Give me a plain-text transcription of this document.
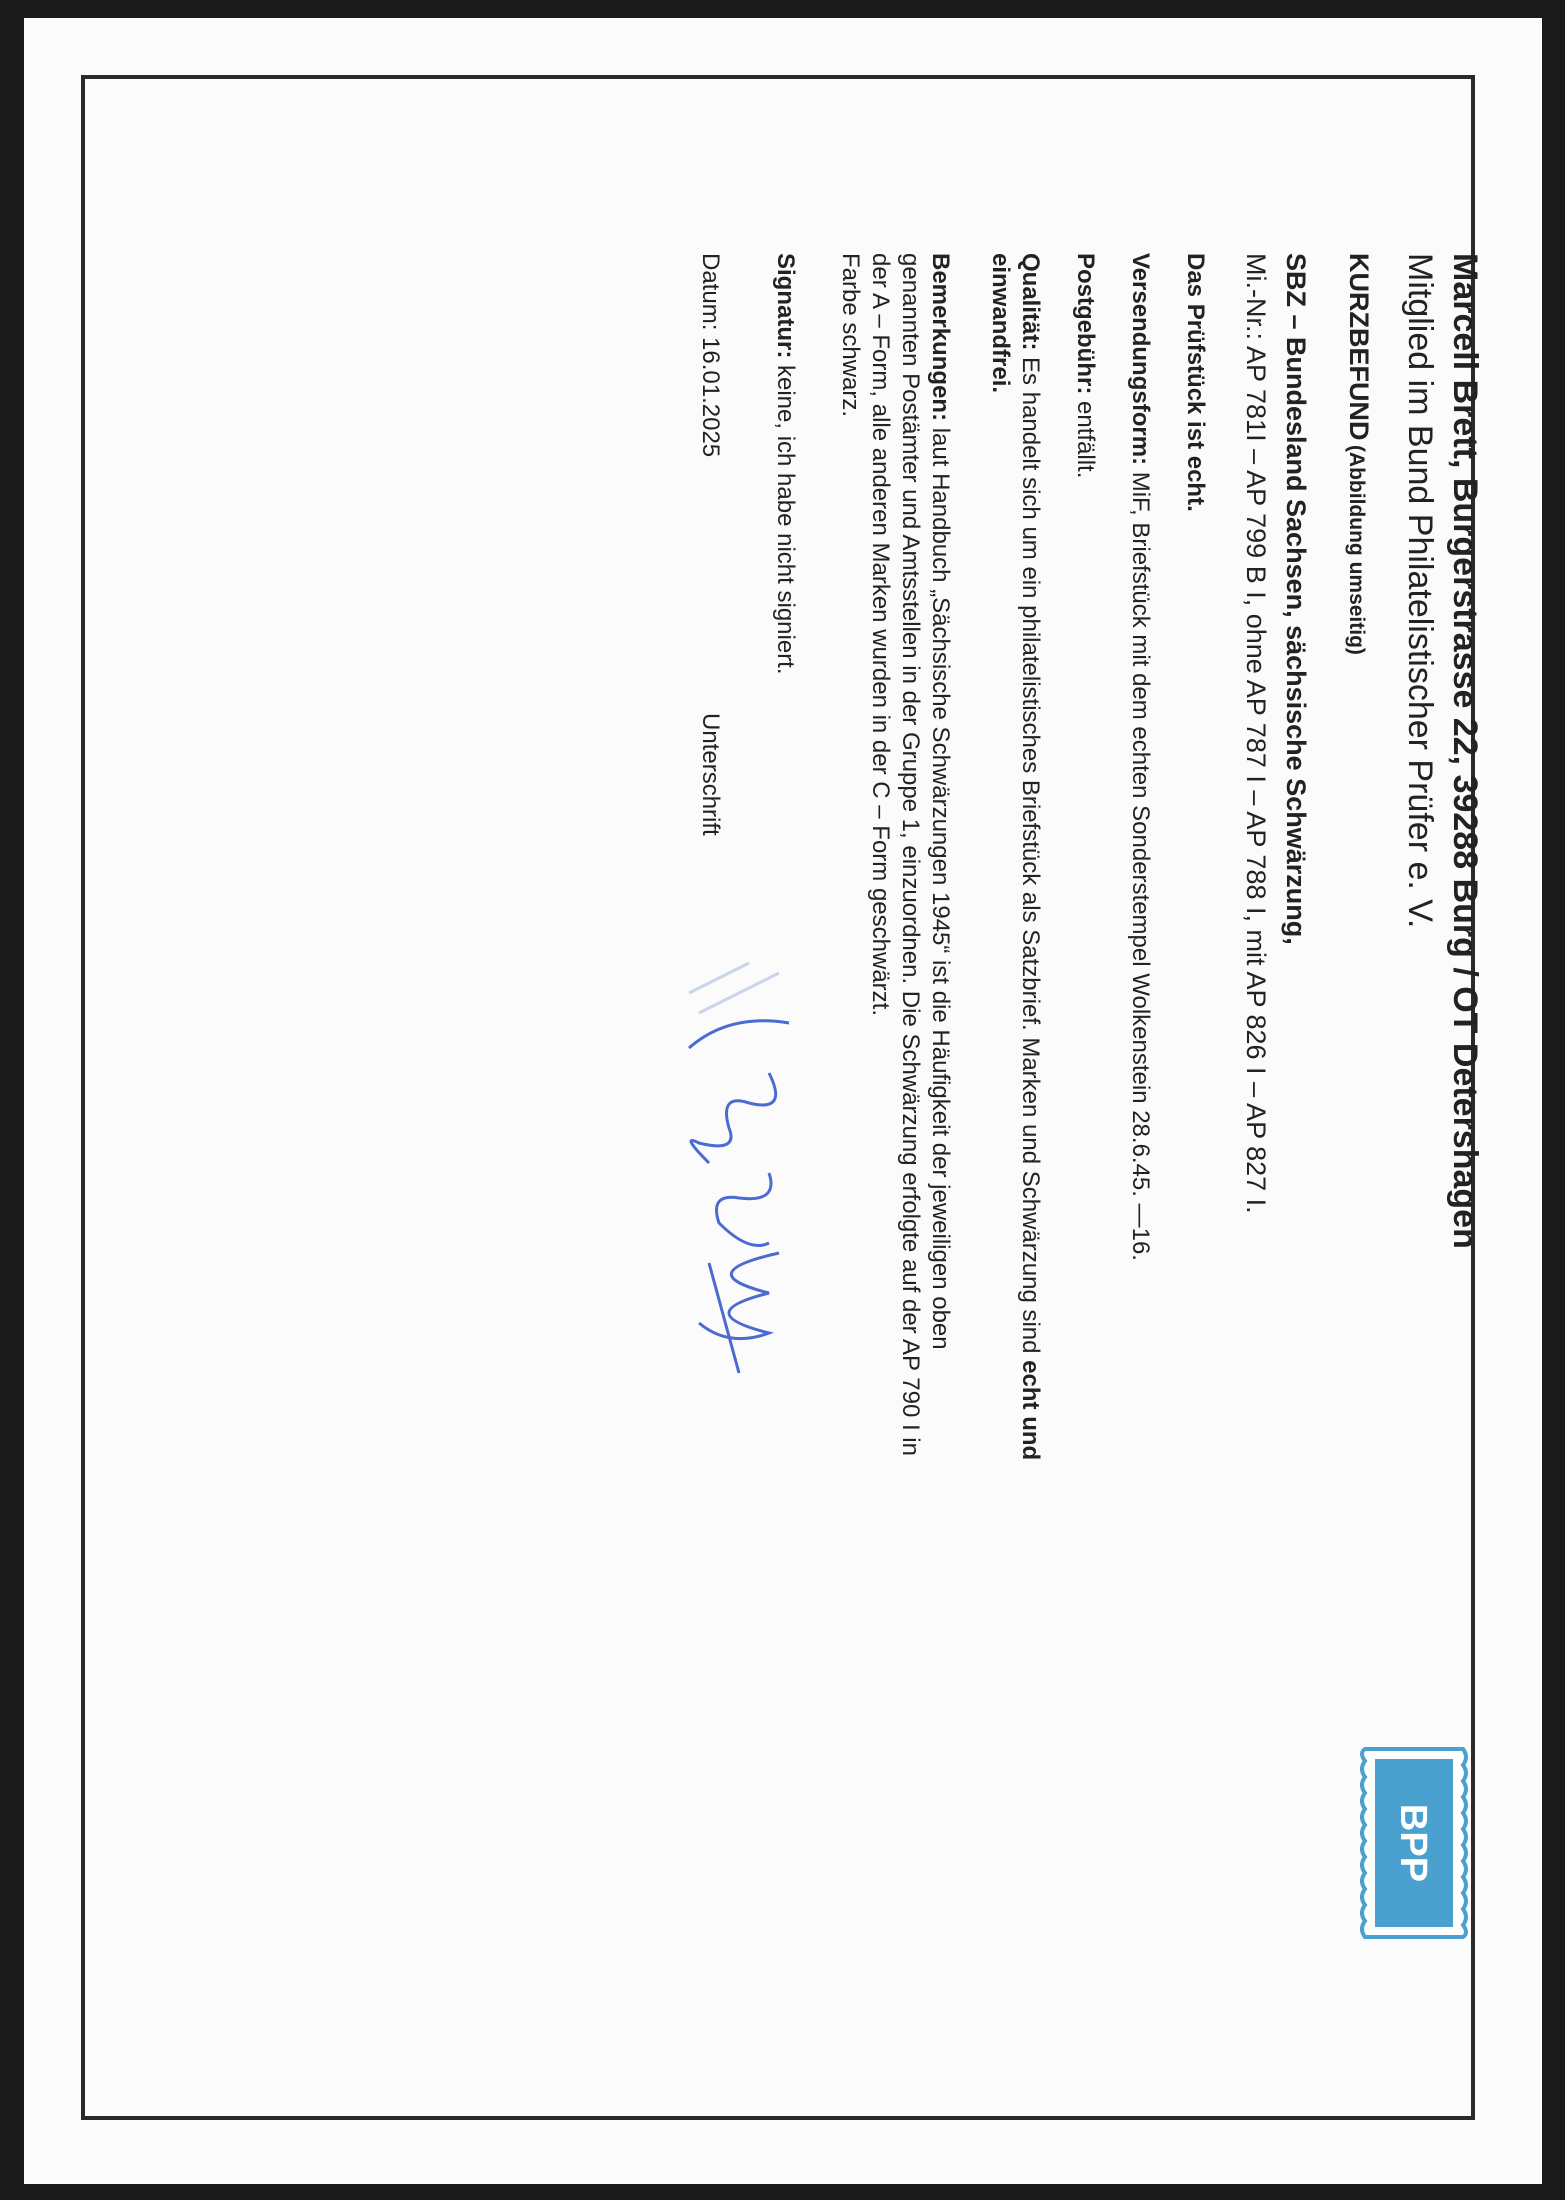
Marcell Brett, Burgerstrasse 22, 39288 Burg / OT Detershagen
Mitglied im Bund Philatelistischer Prüfer e. V.
BPP
KURZBEFUND (Abbildung umseitig)
SBZ – Bundesland Sachsen, sächsische Schwärzung,
Mi.-Nr.: AP 781I – AP 799 B I, ohne AP 787 I – AP 788 I, mit AP 826 I – AP 827 I.
Das Prüfstück ist echt.
Versendungsform: MiF, Briefstück mit dem echten Sonderstempel Wolkenstein 28.6.45. —16.
Postgebühr: entfällt.
Qualität: Es handelt sich um ein philatelistisches Briefstück als Satzbrief. Marken und Schwärzung sind echt und
einwandfrei.
Bemerkungen: laut Handbuch „Sächsische Schwärzungen 1945“ ist die Häufigkeit der jeweiligen oben
genannten Postämter und Amtsstellen in der Gruppe 1, einzuordnen. Die Schwärzung erfolgte auf der AP 790 I in
der A – Form, alle anderen Marken wurden in der C – Form geschwärzt.
Farbe schwarz.
Signatur: keine, ich habe nicht signiert.
Datum: 16.01.2025
Unterschrift
